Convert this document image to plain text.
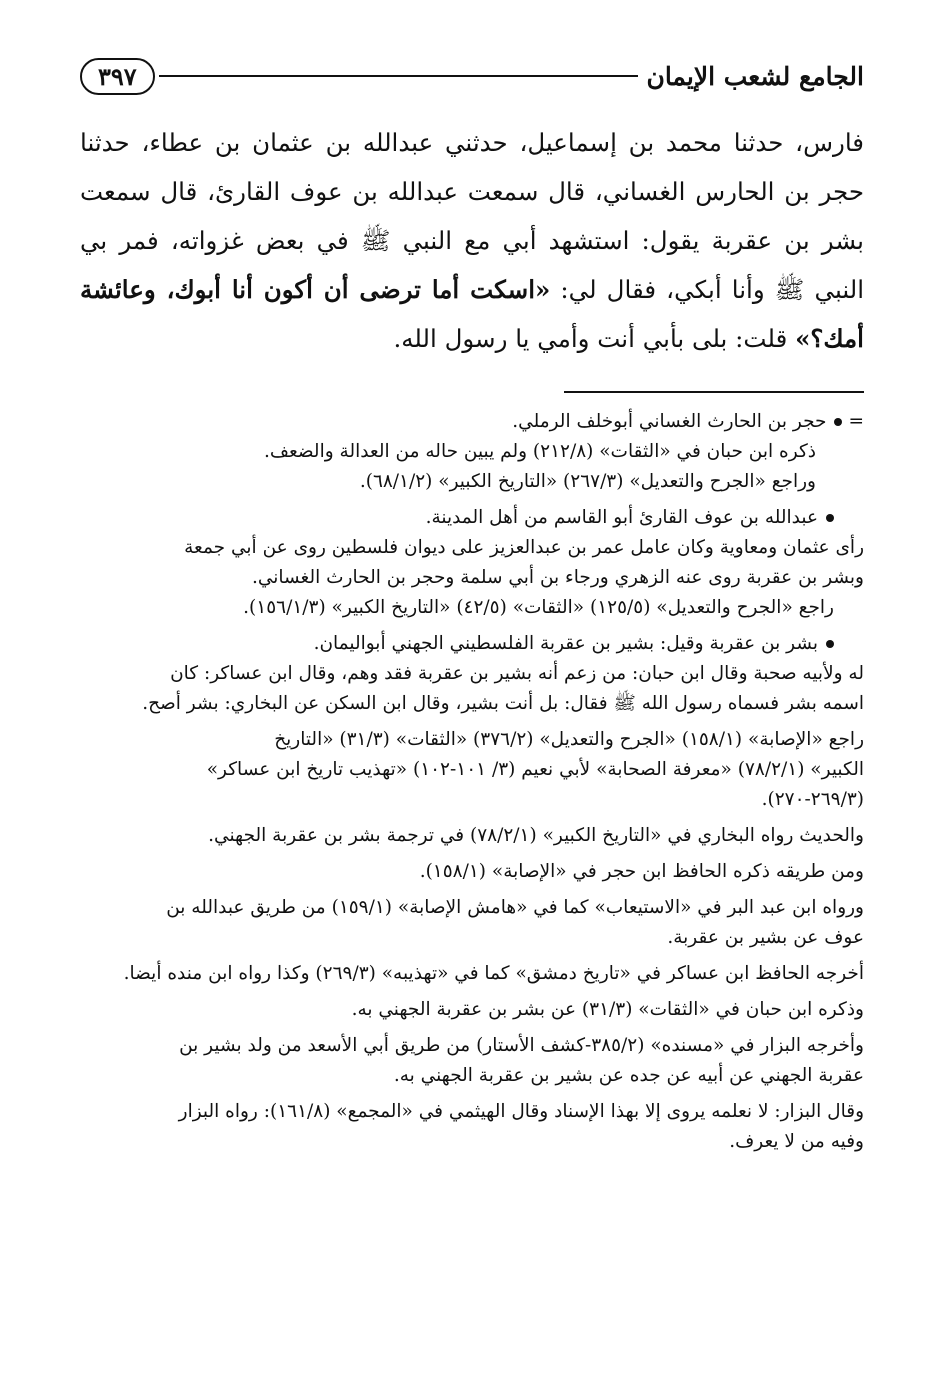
الجامع لشعب الإيمان
٣٩٧
فارس، حدثنا محمد بن إسماعيل، حدثني عبدالله بن عثمان بن عطاء، حدثنا حجر بن الحارس الغساني، قال سمعت عبدالله بن عوف القارئ، قال سمعت بشر بن عقربة يقول: استشهد أبي مع النبي ﷺ في بعض غزواته، فمر بي النبي ﷺ وأنا أبكي، فقال لي: «اسكت أما ترضى أن أكون أنا أبوك، وعائشة أمك؟» قلت: بلى بأبي أنت وأمي يا رسول الله.
=حجر بن الحارث الغساني أبوخلف الرملي.
ذكره ابن حبان في «الثقات» (٢١٢/٨) ولم يبين حاله من العدالة والضعف.
وراجع «الجرح والتعديل» (٢٦٧/٣) «التاريخ الكبير» (٦٨/١/٢).
عبدالله بن عوف القارئ أبو القاسم من أهل المدينة.
رأى عثمان ومعاوية وكان عامل عمر بن عبدالعزيز على ديوان فلسطين روى عن أبي جمعة
وبشر بن عقربة روى عنه الزهري ورجاء بن أبي سلمة وحجر بن الحارث الغساني.
راجع «الجرح والتعديل» (١٢٥/٥) «الثقات» (٤٢/٥) «التاريخ الكبير» (١٥٦/١/٣).
بشر بن عقربة وقيل: بشير بن عقربة الفلسطيني الجهني أبواليمان.
له ولأبيه صحبة وقال ابن حبان: من زعم أنه بشير بن عقربة فقد وهم، وقال ابن عساكر: كان
اسمه بشر فسماه رسول الله ﷺ فقال: بل أنت بشير، وقال ابن السكن عن البخاري: بشر أصح.
راجع «الإصابة» (١٥٨/١) «الجرح والتعديل» (٣٧٦/٢) «الثقات» (٣١/٣) «التاريخ
الكبير» (٧٨/٢/١) «معرفة الصحابة» لأبي نعيم (٣/ ١٠١-١٠٢) «تهذيب تاريخ ابن عساكر»
(٢٦٩/٣-٢٧٠).
والحديث رواه البخاري في «التاريخ الكبير» (٧٨/٢/١) في ترجمة بشر بن عقربة الجهني.
ومن طريقه ذكره الحافظ ابن حجر في «الإصابة» (١٥٨/١).
ورواه ابن عبد البر في «الاستيعاب» كما في «هامش الإصابة» (١٥٩/١) من طريق عبدالله بن
عوف عن بشير بن عقربة.
أخرجه الحافظ ابن عساكر في «تاريخ دمشق» كما في «تهذيبه» (٢٦٩/٣) وكذا رواه ابن منده أيضا.
وذكره ابن حبان في «الثقات» (٣١/٣) عن بشر بن عقربة الجهني به.
وأخرجه البزار في «مسنده» (٣٨٥/٢-كشف الأستار) من طريق أبي الأسعد من ولد بشير بن
عقربة الجهني عن أبيه عن جده عن بشير بن عقربة الجهني به.
وقال البزار: لا نعلمه يروى إلا بهذا الإسناد وقال الهيثمي في «المجمع» (١٦١/٨): رواه البزار
وفيه من لا يعرف.
